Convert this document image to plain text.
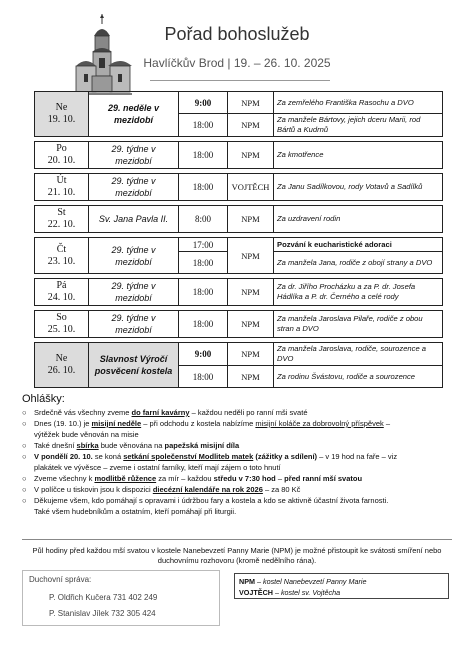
Pořad bohoslužeb
Havlíčkův Brod | 19. – 26. 10. 2025
Ne
19. 10.	29. neděle v mezidobí	9:00	NPM	Za zemřelého Františka Rasochu a DVO
		18:00	NPM	Za manžele Bártovy, jejich dceru Marii, rod Bártů a Kudrnů

Po
20. 10.	29. týdne v mezidobí	18:00	NPM	Za kmotřence

Út
21. 10.	29. týdne v mezidobí	18:00	VOJTĚCH	Za Janu Sadílkovou, rody Votavů a Sadílků

St
22. 10.	Sv. Jana Pavla II.	8:00	NPM	Za uzdravení rodin

Čt
23. 10.	29. týdne v mezidobí	17:00	NPM	Pozvání k eucharistické adoraci
		18:00		Za manžela Jana, rodiče z obojí strany a DVO

Pá
24. 10.	29. týdne v mezidobí	18:00	NPM	Za dr. Jiřího Procházku a za P. dr. Josefa Hádlíka a P. dr. Černého a celé rody

So
25. 10.	29. týdne v mezidobí	18:00	NPM	Za manžela Jaroslava Pilaře, rodiče z obou stran a DVO

Ne
26. 10.	Slavnost Výročí posvěcení kostela	9:00	NPM	Za manžela Jaroslava, rodiče, sourozence a DVO
		18:00	NPM	Za rodinu Švástovu, rodiče a sourozence
Ohlášky:
○ Srdečně vás všechny zveme do farní kavárny – každou neděli po ranní mši svaté
○ Dnes (19. 10.) je misijní neděle – při odchodu z kostela nabízíme misijní koláče za dobrovolný příspěvek –
výtěžek bude věnován na misie
○ Také dnešní sbírka bude věnována na papežská misijní díla
○ V pondělí 20. 10. se koná setkání společenství Modliteb matek (zážitky a sdílení) – v 19 hod na faře – viz
plakátek ve vývěsce – zveme i ostatní farníky, kteří mají zájem o toto hnutí
○ Zveme všechny k modlitbě růžence za mír – každou středu v 7:30 hod – před ranní mší svatou
○ V políčce u tiskovin jsou k dispozici diecézní kalendáře na rok 2026 – za 80 Kč
○ Děkujeme všem, kdo pomáhají s opravami i údržbou fary a kostela a kdo se aktivně účastní života farnosti.
Také všem hudebníkům a ostatním, kteří pomáhají při liturgii.
Půl hodiny před každou mší svatou v kostele Nanebevzetí Panny Marie (NPM) je možné přistoupit ke svátosti smíření nebo duchovnímu rozhovoru (kromě nedělního rána).
Duchovní správa:
P. Oldřich Kučera 731 402 249
P. Stanislav Jílek 732 305 424
NPM – kostel Nanebevzetí Panny Marie
VOJTĚCH – kostel sv. Vojtěcha
